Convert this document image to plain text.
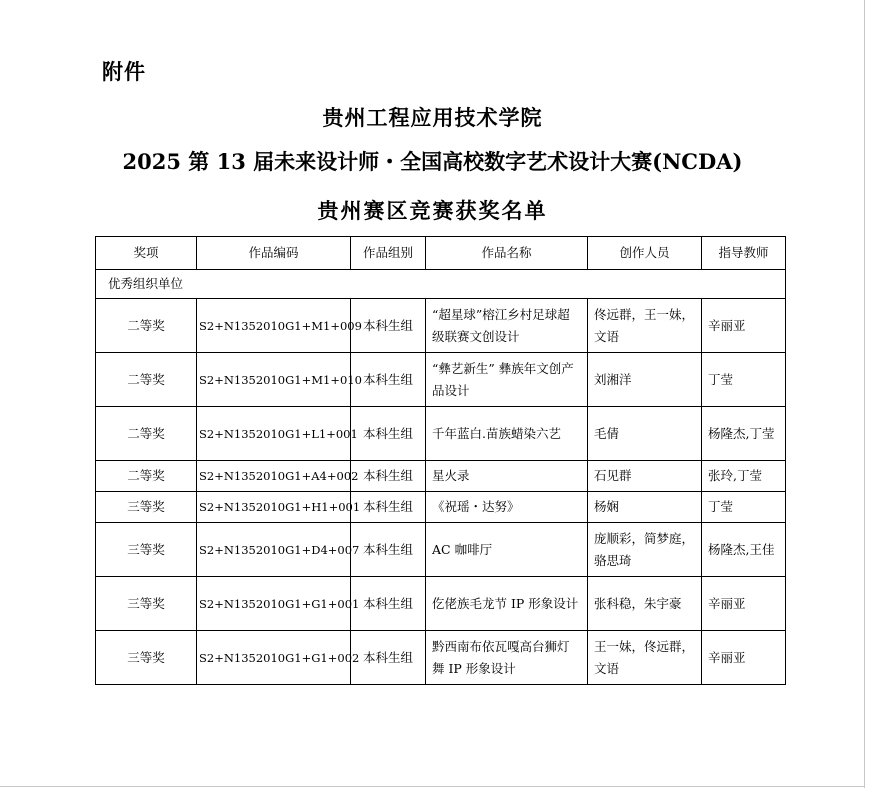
附件
贵州工程应用技术学院
2025 第 13 届未来设计师・全国高校数字艺术设计大赛(NCDA)
贵州赛区竞赛获奖名单
奖项	作品编码	作品组别	作品名称	创作人员	指导教师
优秀组织单位					
二等奖	S2+N1352010G1+M1+009	本科生组	“超星球”榕江乡村足球超级联赛文创设计	佟远群，王一妹，文语	辛丽亚
二等奖	S2+N1352010G1+M1+010	本科生组	“彝艺新生” 彝族年文创产品设计	刘湘洋	丁莹
二等奖	S2+N1352010G1+L1+001	本科生组	千年蓝白.苗族蜡染六艺	毛倩	杨隆杰,丁莹
二等奖	S2+N1352010G1+A4+002	本科生组	星火录	石见群	张玲,丁莹
三等奖	S2+N1352010G1+H1+001	本科生组	《祝瑶・达努》	杨娴	丁莹
三等奖	S2+N1352010G1+D4+007	本科生组	AC 咖啡厅	庞顺彩，简梦庭，骆思琦	杨隆杰,王佳
三等奖	S2+N1352010G1+G1+001	本科生组	仡佬族毛龙节 IP 形象设计	张科稳，朱宇豪	辛丽亚
三等奖	S2+N1352010G1+G1+002	本科生组	黔西南布依瓦嘎高台狮灯舞 IP 形象设计	王一妹，佟远群，文语	辛丽亚
